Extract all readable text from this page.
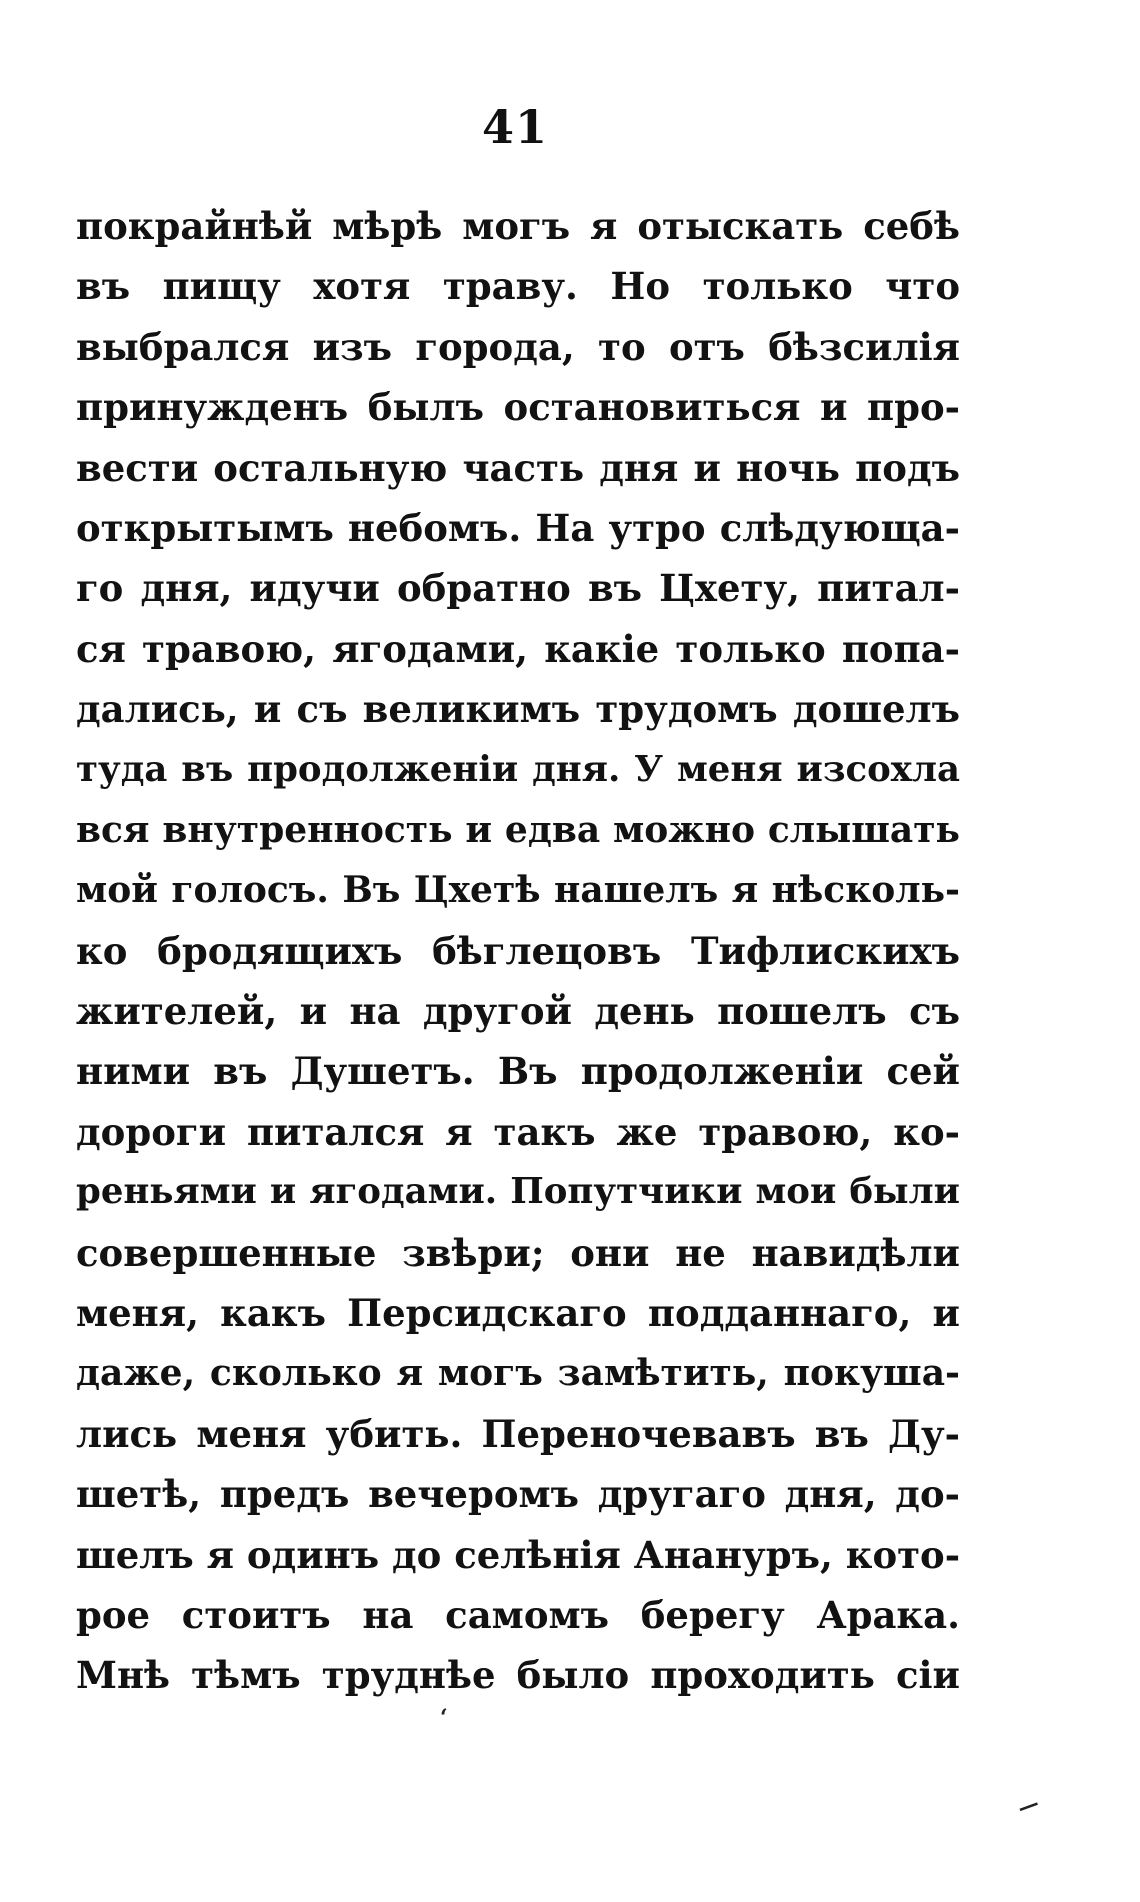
41
покрайнѣй мѣрѣ могъ я отыскать себѣ
въ пищу хотя траву. Но только что
выбрался изъ города, то отъ бѣзсилія
принужденъ былъ остановиться и про-
вести остальную часть дня и ночь подъ
открытымъ небомъ. На утро слѣдующа-
го дня, идучи обратно въ Цхету, питал-
ся травою, ягодами, какіе только попа-
дались, и съ великимъ трудомъ дошелъ
туда въ продолженіи дня. У меня изсохла
вся внутренность и едва можно слышать
мой голосъ. Въ Цхетѣ нашелъ я нѣсколь-
ко бродящихъ бѣглецовъ Тифлискихъ
жителей, и на другой день пошелъ съ
ними въ Душетъ. Въ продолженіи сей
дороги питался я такъ же травою, ко-
реньями и ягодами. Попутчики мои были
совершенные звѣри; они не навидѣли
меня, какъ Персидскаго подданнаго, и
даже, сколько я могъ замѣтить, покуша-
лись меня убить. Переночевавъ въ Ду-
шетѣ, предъ вечеромъ другаго дня, до-
шелъ я одинъ до селѣнія Анануръ, кото-
рое стоитъ на самомъ берегу Арака.
Мнѣ тѣмъ труднѣе было проходить сіи
ʻ
─
